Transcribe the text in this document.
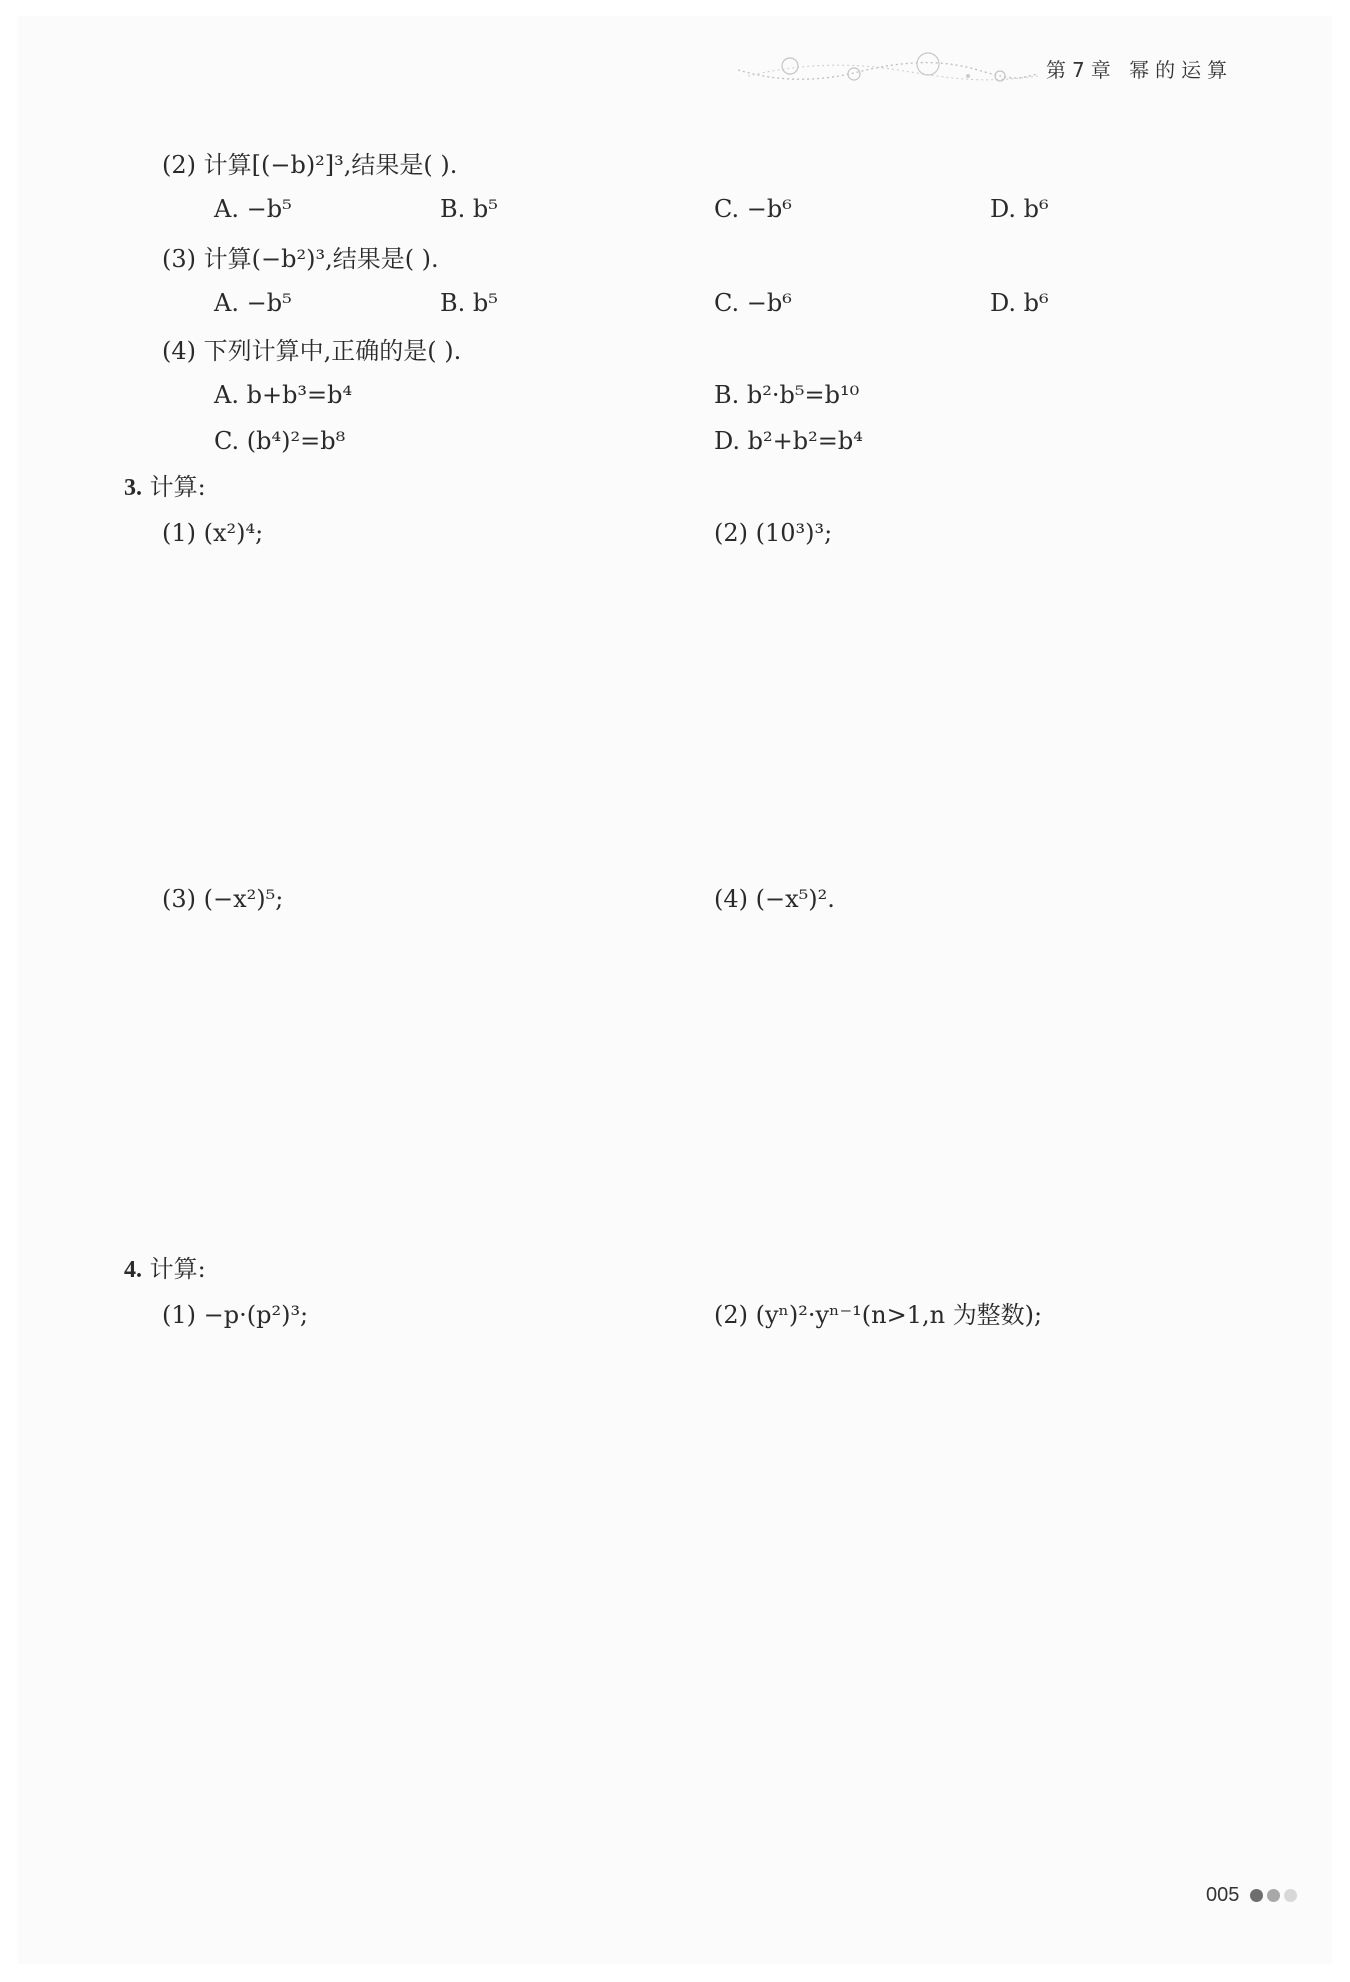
第7章 幂的运算
(2) 计算[(−b)²]³,结果是( ).
A. −b⁵	B. b⁵	C. −b⁶	D. b⁶
(3) 计算(−b²)³,结果是( ).
A. −b⁵	B. b⁵	C. −b⁶	D. b⁶
(4) 下列计算中,正确的是( ).
A. b+b³=b⁴	B. b²·b⁵=b¹⁰
C. (b⁴)²=b⁸	D. b²+b²=b⁴
3. 计算:
(1) (x²)⁴;	(2) (10³)³;
(3) (−x²)⁵;	(4) (−x⁵)².
4. 计算:
(1) −p·(p²)³;	(2) (yⁿ)²·yⁿ⁻¹(n>1,n 为整数);
005
